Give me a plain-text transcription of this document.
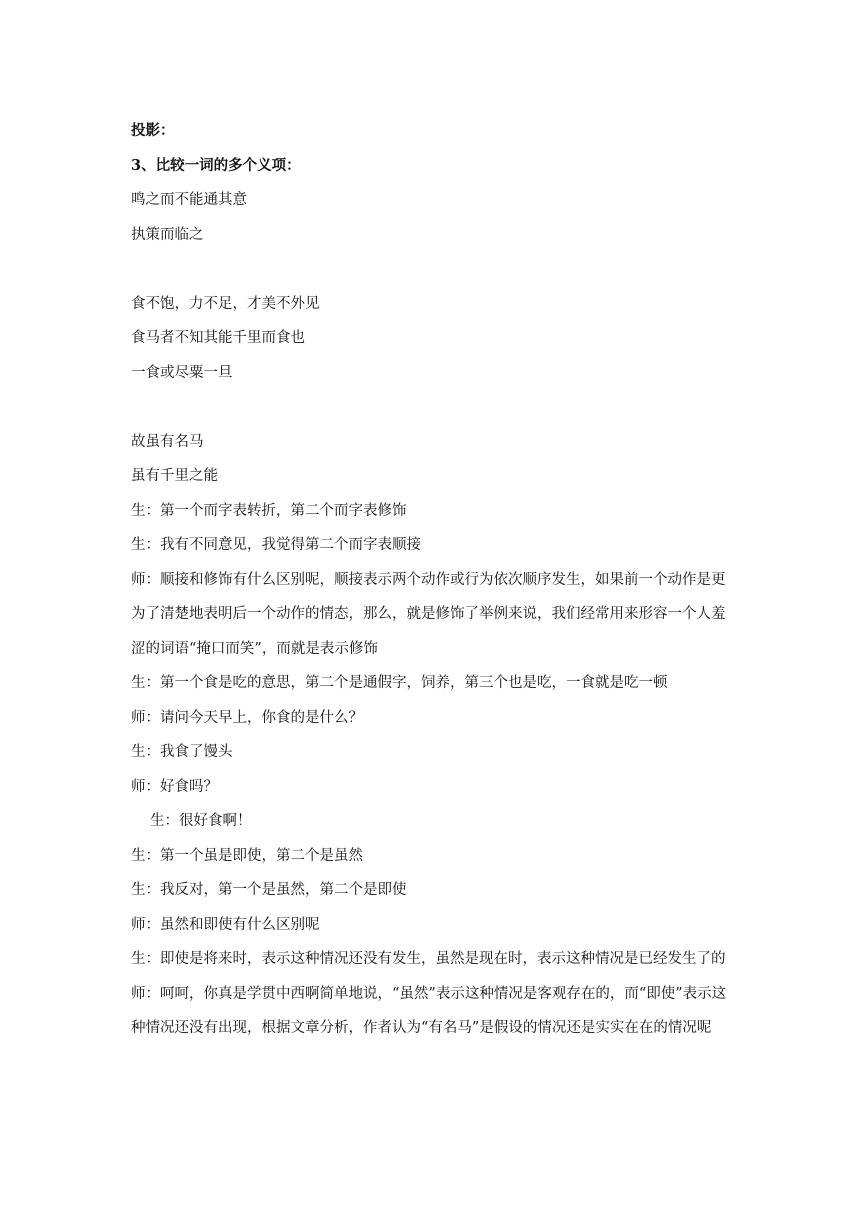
投影：

3、比较一词的多个义项：

鸣之而不能通其意

执策而临之

食不饱，力不足，才美不外见

食马者不知其能千里而食也

一食或尽粟一旦

故虽有名马

虽有千里之能

生：第一个而字表转折，第二个而字表修饰

生：我有不同意见，我觉得第二个而字表顺接

师：顺接和修饰有什么区别呢，顺接表示两个动作或行为依次顺序发生，如果前一个动作是更为了清楚地表明后一个动作的情态，那么，就是修饰了举例来说，我们经常用来形容一个人羞涩的词语“掩口而笑”，而就是表示修饰

生：第一个食是吃的意思，第二个是通假字，饲养，第三个也是吃，一食就是吃一顿

师：请问今天早上，你食的是什么？

生：我食了馒头

师：好食吗？

生：很好食啊！

生：第一个虽是即使，第二个是虽然

生：我反对，第一个是虽然，第二个是即使

师：虽然和即使有什么区别呢

生：即使是将来时，表示这种情况还没有发生，虽然是现在时，表示这种情况是已经发生了的

师：呵呵，你真是学贯中西啊简单地说，“虽然”表示这种情况是客观存在的，而“即使”表示这种情况还没有出现，根据文章分析，作者认为“有名马”是假设的情况还是实实在在的情况呢
